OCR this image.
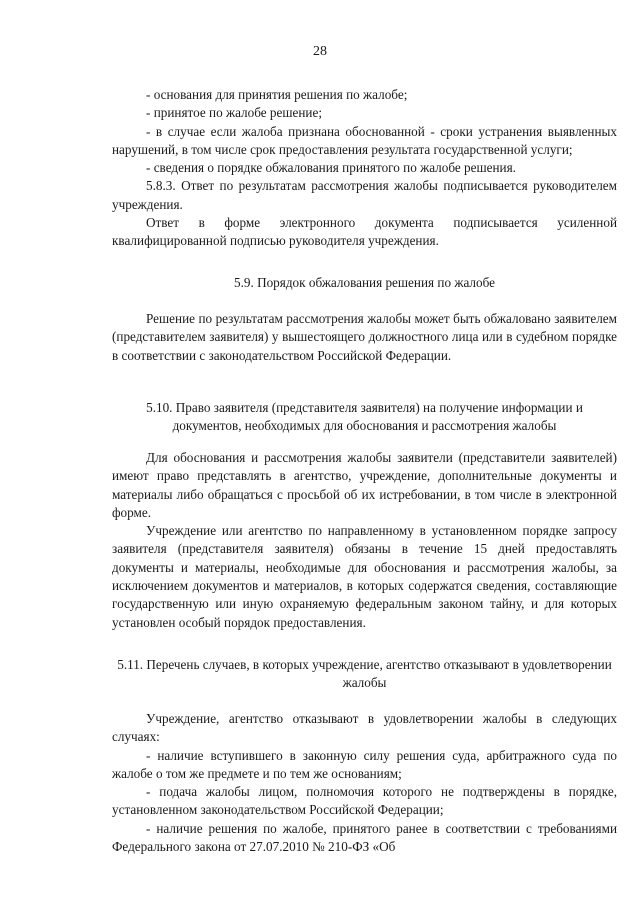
28

- основания для принятия решения по жалобе;

- принятое по жалобе решение;

- в случае если жалоба признана обоснованной - сроки устранения выявленных нарушений, в том числе срок предоставления результата государственной услуги;

- сведения о порядке обжалования принятого по жалобе решения.

5.8.3. Ответ по результатам рассмотрения жалобы подписывается руководителем учреждения.

Ответ в форме электронного документа подписывается усиленной квалифицированной подписью руководителя учреждения.

5.9. Порядок обжалования решения по жалобе

Решение по результатам рассмотрения жалобы может быть обжаловано заявителем (представителем заявителя) у вышестоящего должностного лица или в судебном порядке в соответствии с законодательством Российской Федерации.

5.10. Право заявителя (представителя заявителя) на получение информации и документов, необходимых для обоснования и рассмотрения жалобы

Для обоснования и рассмотрения жалобы заявители (представители заявителей) имеют право представлять в агентство, учреждение, дополнительные документы и материалы либо обращаться с просьбой об их истребовании, в том числе в электронной форме.

Учреждение или агентство по направленному в установленном порядке запросу заявителя (представителя заявителя) обязаны в течение 15 дней предоставлять документы и материалы, необходимые для обоснования и рассмотрения жалобы, за исключением документов и материалов, в которых содержатся сведения, составляющие государственную или иную охраняемую федеральным законом тайну, и для которых установлен особый порядок предоставления.

5.11. Перечень случаев, в которых учреждение, агентство отказывают в удовлетворении жалобы

Учреждение, агентство отказывают в удовлетворении жалобы в следующих случаях:

- наличие вступившего в законную силу решения суда, арбитражного суда по жалобе о том же предмете и по тем же основаниям;

- подача жалобы лицом, полномочия которого не подтверждены в порядке, установленном законодательством Российской Федерации;

- наличие решения по жалобе, принятого ранее в соответствии с требованиями Федерального закона от 27.07.2010 № 210-ФЗ «Об
